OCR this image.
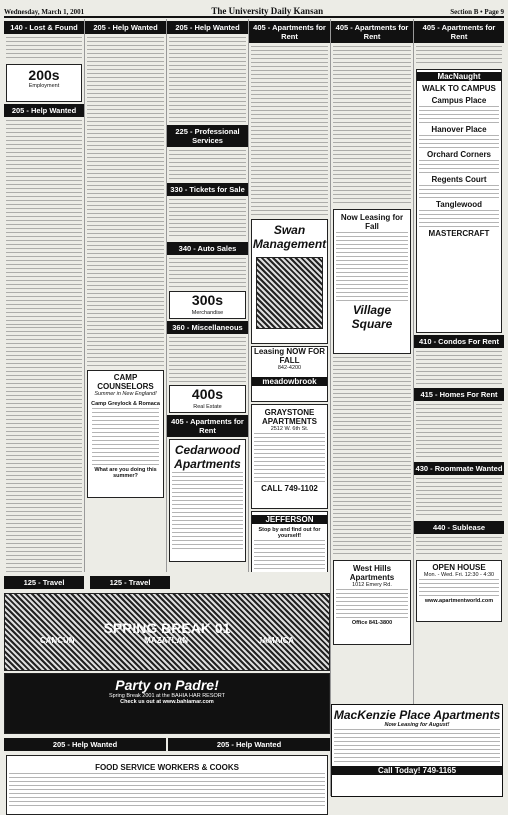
Wednesday, March 1, 2001	The University Daily Kansan	Section B • Page 9
140 - Lost & Found
200s
Employment
205 - Help Wanted
205 - Help Wanted
CAMP COUNSELORS
Summer in New England!
Camp Greylock & Romaca
What are you doing this summer?
205 - Help Wanted
225 - Professional Services
330 - Tickets for Sale
340 - Auto Sales
300s
Merchandise
360 - Miscellaneous
400s
Real Estate
405 - Apartments for Rent
Cedarwood Apartments
405 - Apartments for Rent
Swan Management
Leasing NOW FOR FALL
842-4200
meadowbrook
GRAYSTONE APARTMENTS
2512 W. 6th St.
CALL 749-1102
JEFFERSON
Stop by and find out for yourself!
405 - Apartments for Rent
Now Leasing for Fall
Village Square
West Hills Apartments
1012 Emery Rd.
Office 841-3800
405 - Apartments for Rent
MacNaught
WALK TO CAMPUS
Campus Place
Hanover Place
Orchard Corners
Regents Court
Tanglewood
MASTERCRAFT
410 - Condos For Rent
415 - Homes For Rent
430 - Roommate Wanted
440 - Sublease
OPEN HOUSE
Mon. - Wed. Fri. 12:30 - 4:30
www.apartmentworld.com
125 - Travel	125 - Travel
SPRING BREAK 01
CANCUN	MAZATLAN	JAMAICA
Party on Padre!
Spring Break 2001 at the BAHIA HAR RESORT
Check us out at www.bahiamar.com
205 - Help Wanted	205 - Help Wanted
FOOD SERVICE WORKERS & COOKS
MacKenzie Place Apartments
Now Leasing for August!
Call Today! 749-1165
